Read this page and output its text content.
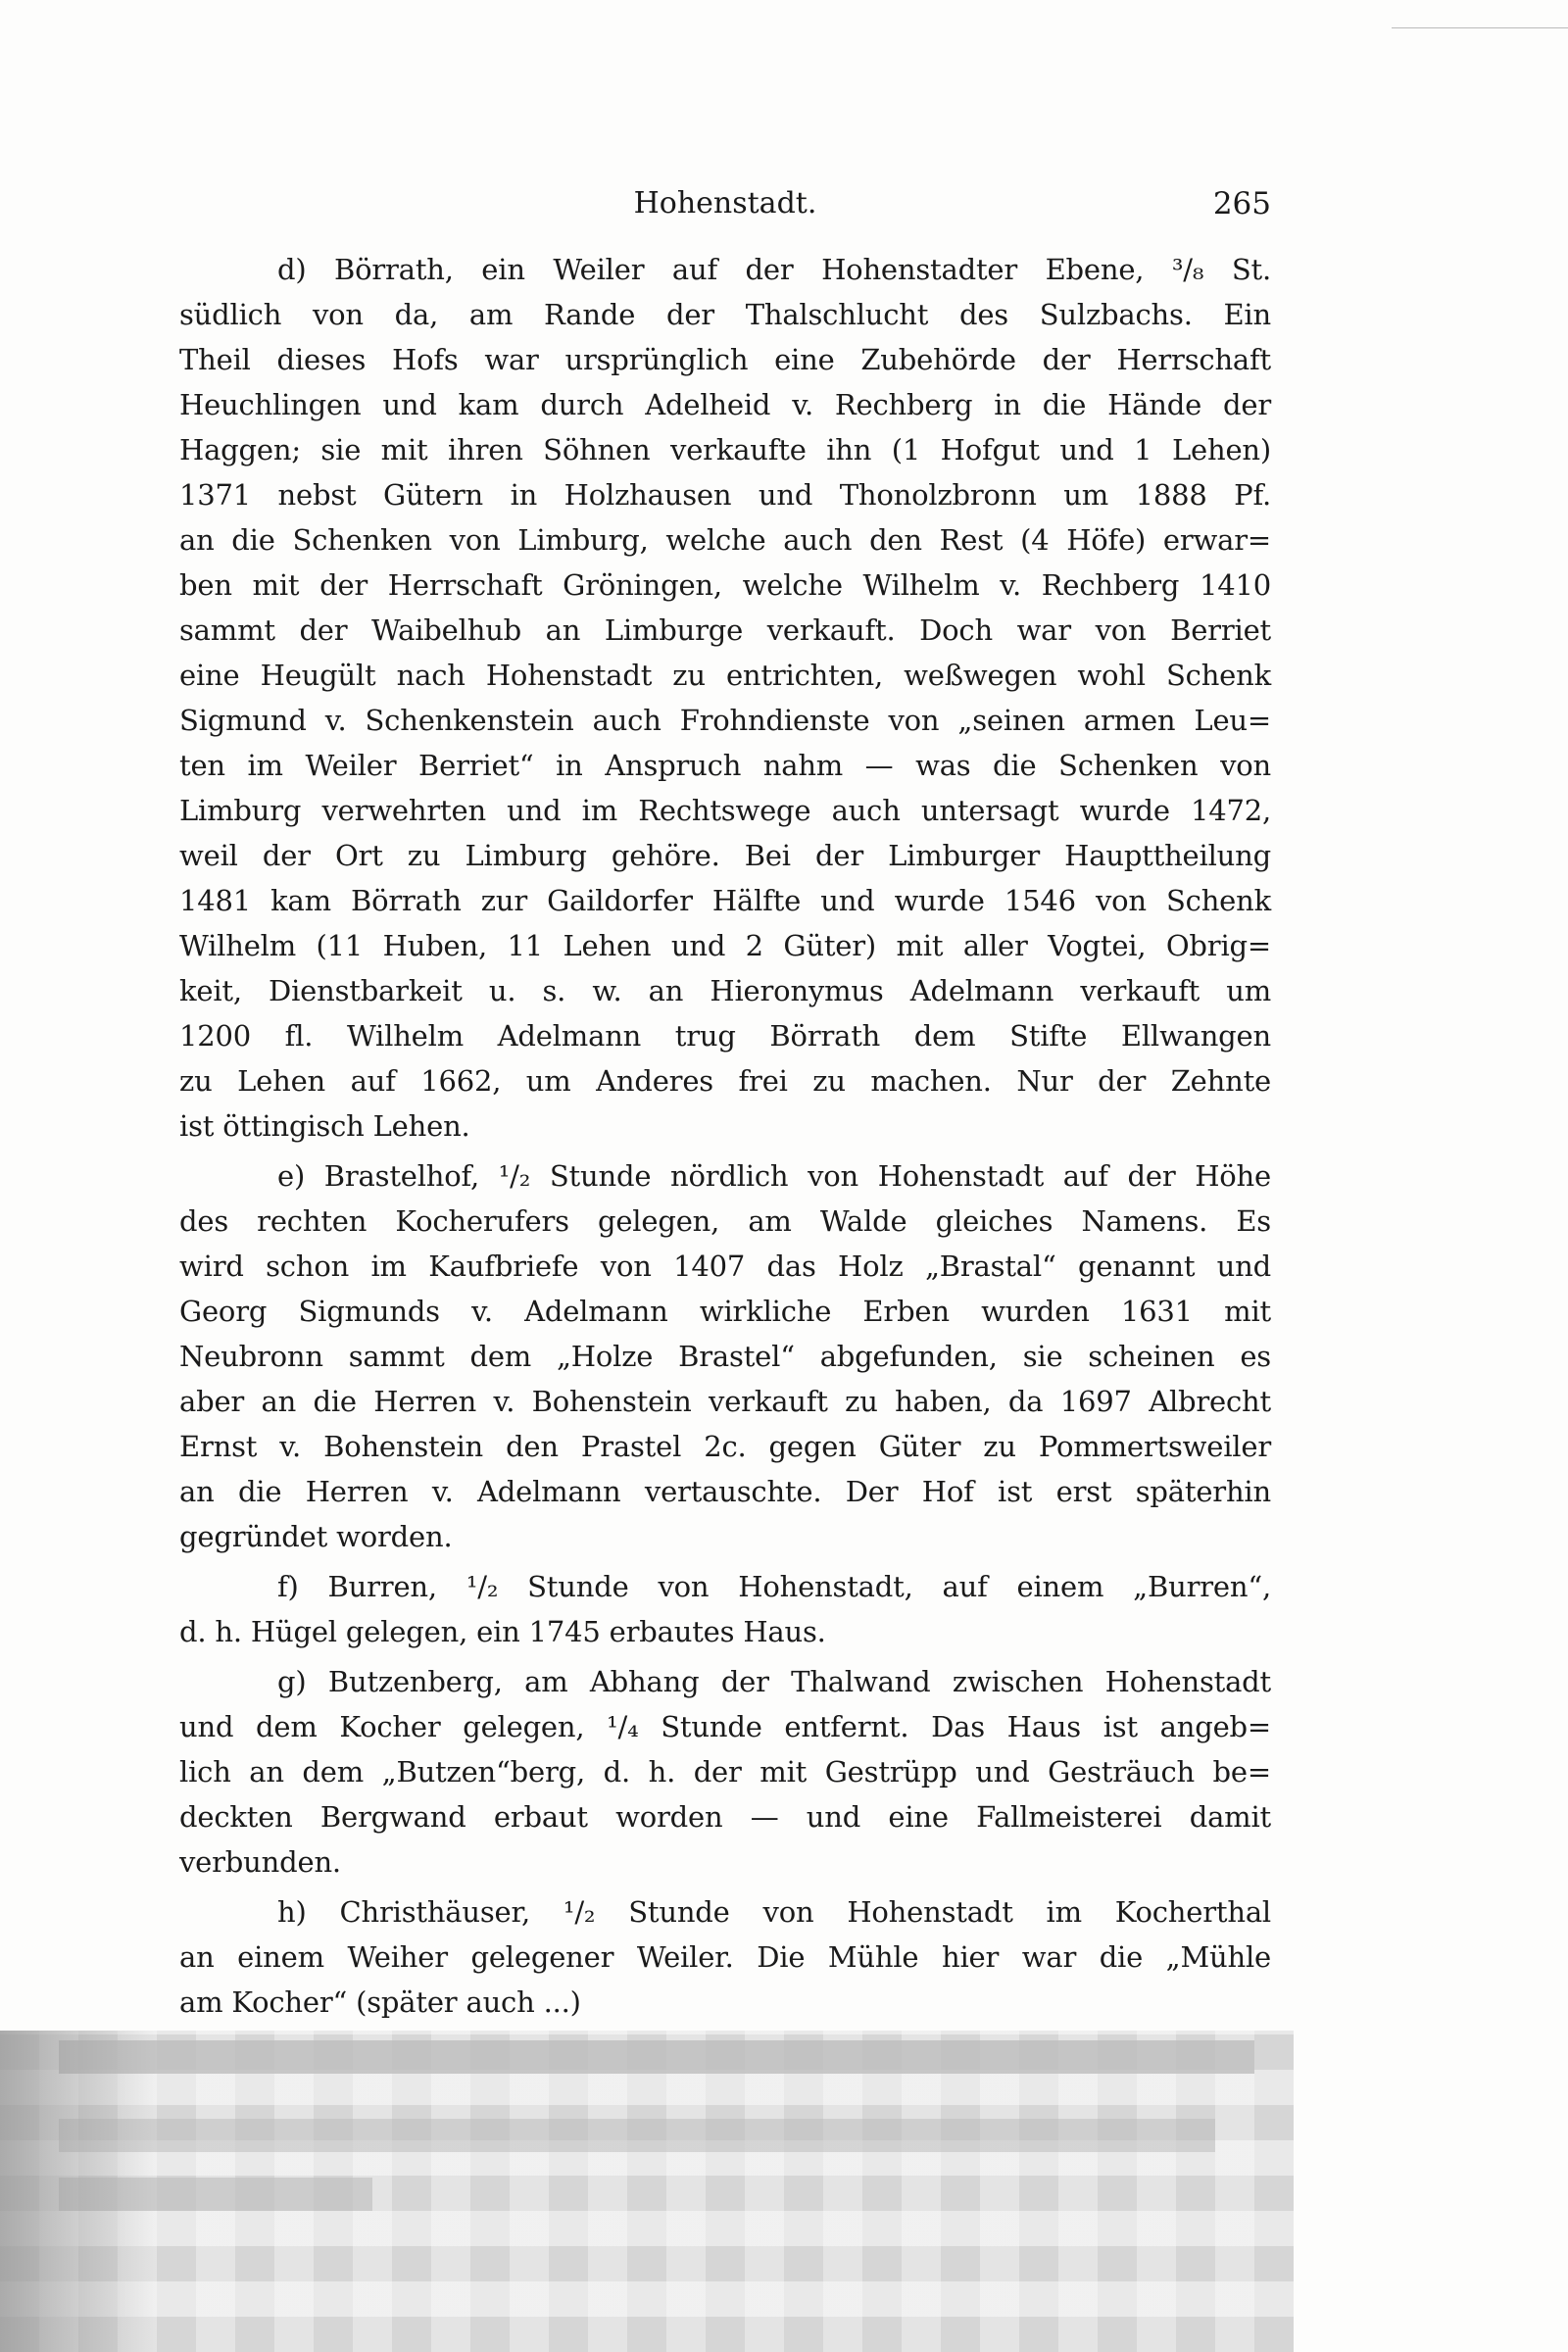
Hohenstadt.	265
d) Börrath, ein Weiler auf der Hohenstadter Ebene, ³/₈ St.
südlich von da, am Rande der Thalschlucht des Sulzbachs. Ein
Theil dieses Hofs war ursprünglich eine Zubehörde der Herrschaft
Heuchlingen und kam durch Adelheid v. Rechberg in die Hände der
Haggen; sie mit ihren Söhnen verkaufte ihn (1 Hofgut und 1 Lehen)
1371 nebst Gütern in Holzhausen und Thonolzbronn um 1888 Pf.
an die Schenken von Limburg, welche auch den Rest (4 Höfe) erwar=
ben mit der Herrschaft Gröningen, welche Wilhelm v. Rechberg 1410
sammt der Waibelhub an Limburge verkauft. Doch war von Berriet
eine Heugült nach Hohenstadt zu entrichten, weßwegen wohl Schenk
Sigmund v. Schenkenstein auch Frohndienste von „seinen armen Leu=
ten im Weiler Berriet“ in Anspruch nahm — was die Schenken von
Limburg verwehrten und im Rechtswege auch untersagt wurde 1472,
weil der Ort zu Limburg gehöre. Bei der Limburger Haupttheilung
1481 kam Börrath zur Gaildorfer Hälfte und wurde 1546 von Schenk
Wilhelm (11 Huben, 11 Lehen und 2 Güter) mit aller Vogtei, Obrig=
keit, Dienstbarkeit u. s. w. an Hieronymus Adelmann verkauft um
1200 fl. Wilhelm Adelmann trug Börrath dem Stifte Ellwangen
zu Lehen auf 1662, um Anderes frei zu machen. Nur der Zehnte
ist öttingisch Lehen.
e) Brastelhof, ¹/₂ Stunde nördlich von Hohenstadt auf der Höhe
des rechten Kocherufers gelegen, am Walde gleiches Namens. Es
wird schon im Kaufbriefe von 1407 das Holz „Brastal“ genannt und
Georg Sigmunds v. Adelmann wirkliche Erben wurden 1631 mit
Neubronn sammt dem „Holze Brastel“ abgefunden, sie scheinen es
aber an die Herren v. Bohenstein verkauft zu haben, da 1697 Albrecht
Ernst v. Bohenstein den Prastel 2c. gegen Güter zu Pommertsweiler
an die Herren v. Adelmann vertauschte. Der Hof ist erst späterhin
gegründet worden.
f) Burren, ¹/₂ Stunde von Hohenstadt, auf einem „Burren“,
d. h. Hügel gelegen, ein 1745 erbautes Haus.
g) Butzenberg, am Abhang der Thalwand zwischen Hohenstadt
und dem Kocher gelegen, ¹/₄ Stunde entfernt. Das Haus ist angeb=
lich an dem „Butzen“berg, d. h. der mit Gestrüpp und Gesträuch be=
deckten Bergwand erbaut worden — und eine Fallmeisterei damit
verbunden.
h) Christhäuser, ¹/₂ Stunde von Hohenstadt im Kocherthal
an einem Weiher gelegener Weiler. Die Mühle hier war die „Mühle
am Kocher“ (später auch ...)
